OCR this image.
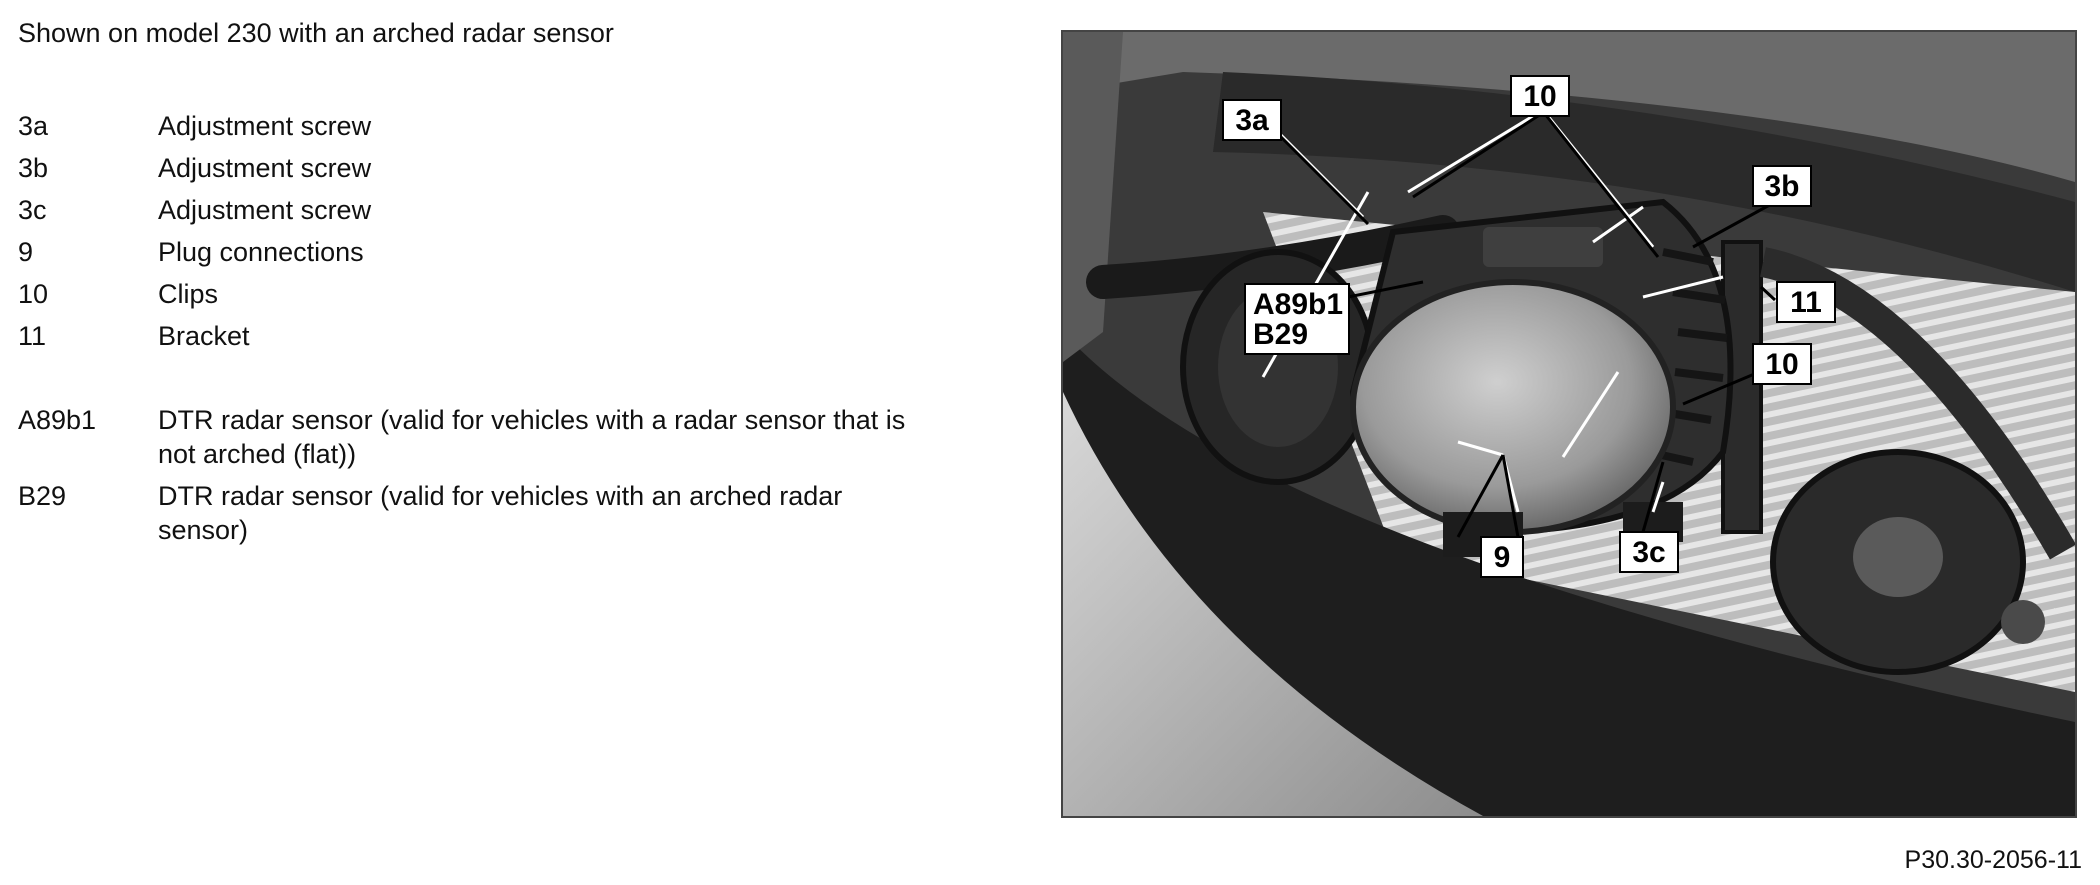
Shown on model 230 with an arched radar sensor
3a	Adjustment screw
3b	Adjustment screw
3c	Adjustment screw
9	Plug connections
10	Clips
11	Bracket
A89b1	DTR radar sensor (valid for vehicles with a radar sensor that is not arched (flat))
B29	DTR radar sensor (valid for vehicles with an arched radar sensor)
3a
10
3b
11
10
A89b1
B29
9	3c
P30.30-2056-11
